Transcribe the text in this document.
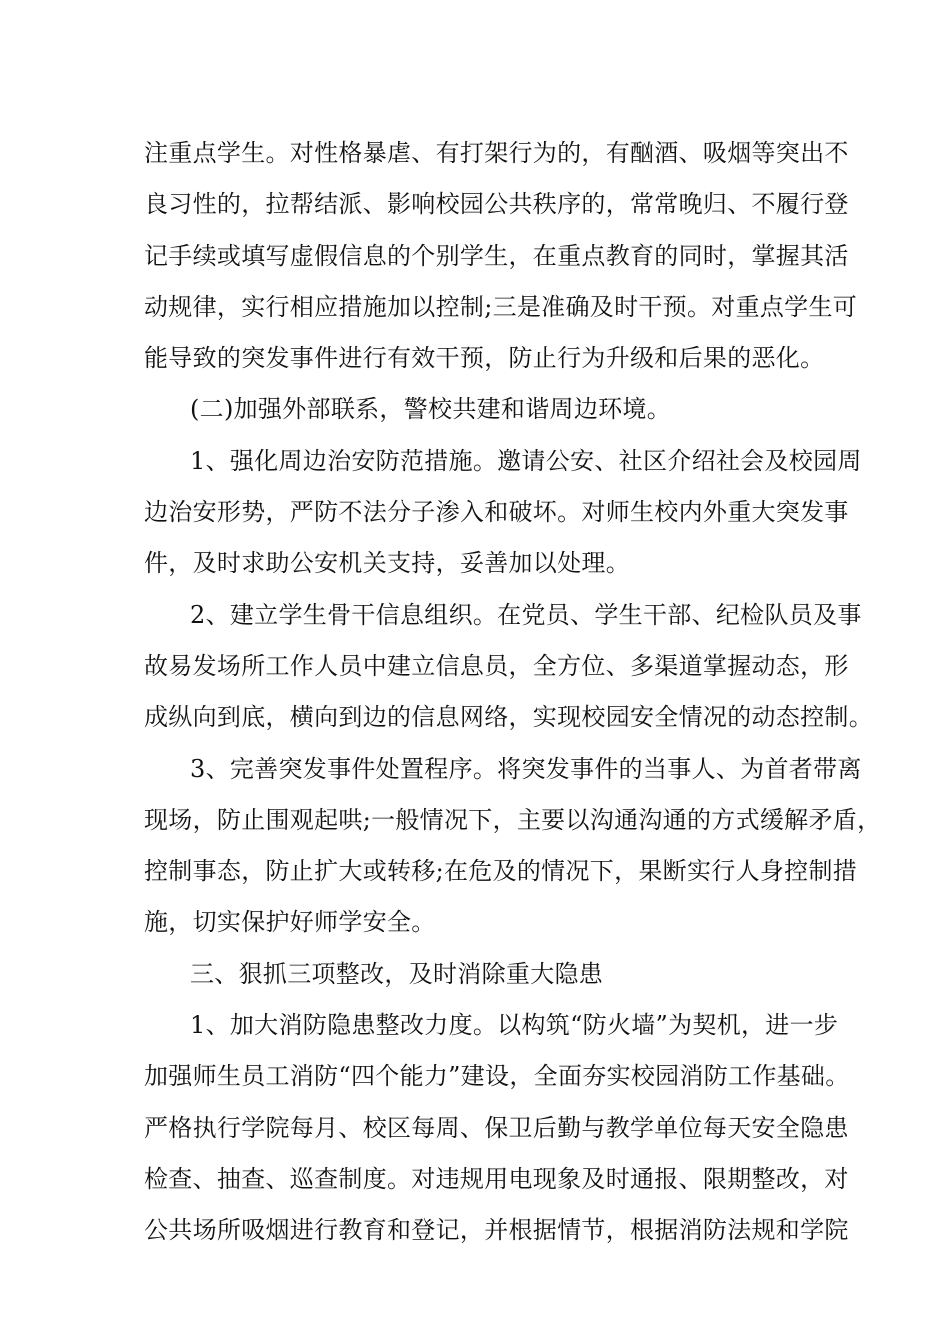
注重点学生。对性格暴虐、有打架行为的，有酗酒、吸烟等突出不
良习性的，拉帮结派、影响校园公共秩序的，常常晚归、不履行登
记手续或填写虚假信息的个别学生，在重点教育的同时，掌握其活
动规律，实行相应措施加以控制;三是准确及时干预。对重点学生可
能导致的突发事件进行有效干预，防止行为升级和后果的恶化。
(二)加强外部联系，警校共建和谐周边环境。
1、强化周边治安防范措施。邀请公安、社区介绍社会及校园周
边治安形势，严防不法分子渗入和破坏。对师生校内外重大突发事
件，及时求助公安机关支持，妥善加以处理。
2、建立学生骨干信息组织。在党员、学生干部、纪检队员及事
故易发场所工作人员中建立信息员，全方位、多渠道掌握动态，形
成纵向到底，横向到边的信息网络，实现校园安全情况的动态控制。
3、完善突发事件处置程序。将突发事件的当事人、为首者带离
现场，防止围观起哄;一般情况下，主要以沟通沟通的方式缓解矛盾，
控制事态，防止扩大或转移;在危及的情况下，果断实行人身控制措
施，切实保护好师学安全。
三、狠抓三项整改，及时消除重大隐患
1、加大消防隐患整改力度。以构筑“防火墙”为契机，进一步
加强师生员工消防“四个能力”建设，全面夯实校园消防工作基础。
严格执行学院每月、校区每周、保卫后勤与教学单位每天安全隐患
检查、抽查、巡查制度。对违规用电现象及时通报、限期整改，对
公共场所吸烟进行教育和登记，并根据情节，根据消防法规和学院
